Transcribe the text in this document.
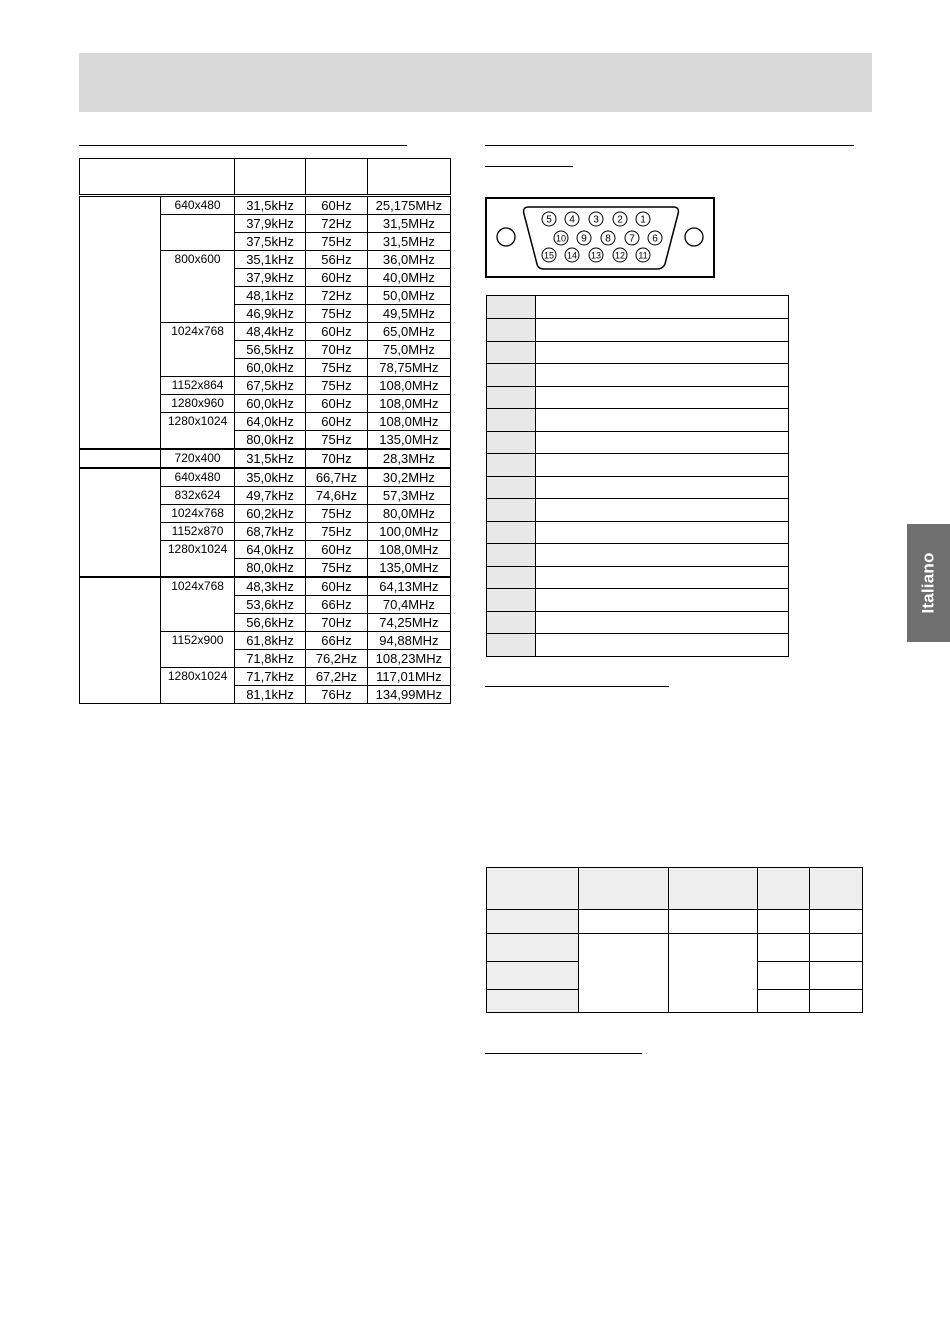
	640x480	31,5kHz	60Hz	25,175MHz
		37,9kHz	72Hz	31,5MHz
		37,5kHz	75Hz	31,5MHz
	800x600	35,1kHz	56Hz	36,0MHz
		37,9kHz	60Hz	40,0MHz
		48,1kHz	72Hz	50,0MHz
		46,9kHz	75Hz	49,5MHz
	1024x768	48,4kHz	60Hz	65,0MHz
		56,5kHz	70Hz	75,0MHz
		60,0kHz	75Hz	78,75MHz
	1152x864	67,5kHz	75Hz	108,0MHz
	1280x960	60,0kHz	60Hz	108,0MHz
	1280x1024	64,0kHz	60Hz	108,0MHz
		80,0kHz	75Hz	135,0MHz
	720x400	31,5kHz	70Hz	28,3MHz
	640x480	35,0kHz	66,7Hz	30,2MHz
	832x624	49,7kHz	74,6Hz	57,3MHz
	1024x768	60,2kHz	75Hz	80,0MHz
	1152x870	68,7kHz	75Hz	100,0MHz
	1280x1024	64,0kHz	60Hz	108,0MHz
		80,0kHz	75Hz	135,0MHz
	1024x768	48,3kHz	60Hz	64,13MHz
		53,6kHz	66Hz	70,4MHz
		56,6kHz	70Hz	74,25MHz
	1152x900	61,8kHz	66Hz	94,88MHz
		71,8kHz	76,2Hz	108,23MHz
	1280x1024	71,7kHz	67,2Hz	117,01MHz
		81,1kHz	76Hz	134,99MHz
5 4 3 2 1
10 9 8 7 6
15 14 13 12 11

Italiano
